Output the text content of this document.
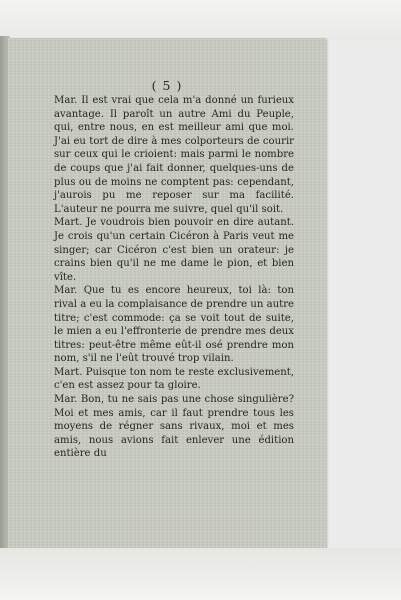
( 5 )

Mar. Il est vrai que cela m'a donné un furieux avantage. Il paroît un autre Ami du Peuple, qui, entre nous, en est meilleur ami que moi. J'ai eu tort de dire à mes colporteurs de courir sur ceux qui le crioient: mais parmi le nombre de coups que j'ai fait donner, quelques-uns de plus ou de moins ne comptent pas: cependant, j'aurois pu me reposer sur ma facilité. L'auteur ne pourra me suivre, quel qu'il soit.

Mart. Je voudrois bien pouvoir en dire autant. Je crois qu'un certain Cicéron à Paris veut me singer; car Cicéron c'est bien un orateur: je crains bien qu'il ne me dame le pion, et bien vîte.

Mar. Que tu es encore heureux, toi là: ton rival a eu la complaisance de prendre un autre titre; c'est commode: ça se voit tout de suite, le mien a eu l'effronterie de prendre mes deux titres: peut-être même eût-il osé prendre mon nom, s'il ne l'eût trouvé trop vilain.

Mart. Puisque ton nom te reste exclusivement, c'en est assez pour ta gloire.

Mar. Bon, tu ne sais pas une chose singulière? Moi et mes amis, car il faut prendre tous les moyens de régner sans rivaux, moi et mes amis, nous avions fait enlever une édition entière du
